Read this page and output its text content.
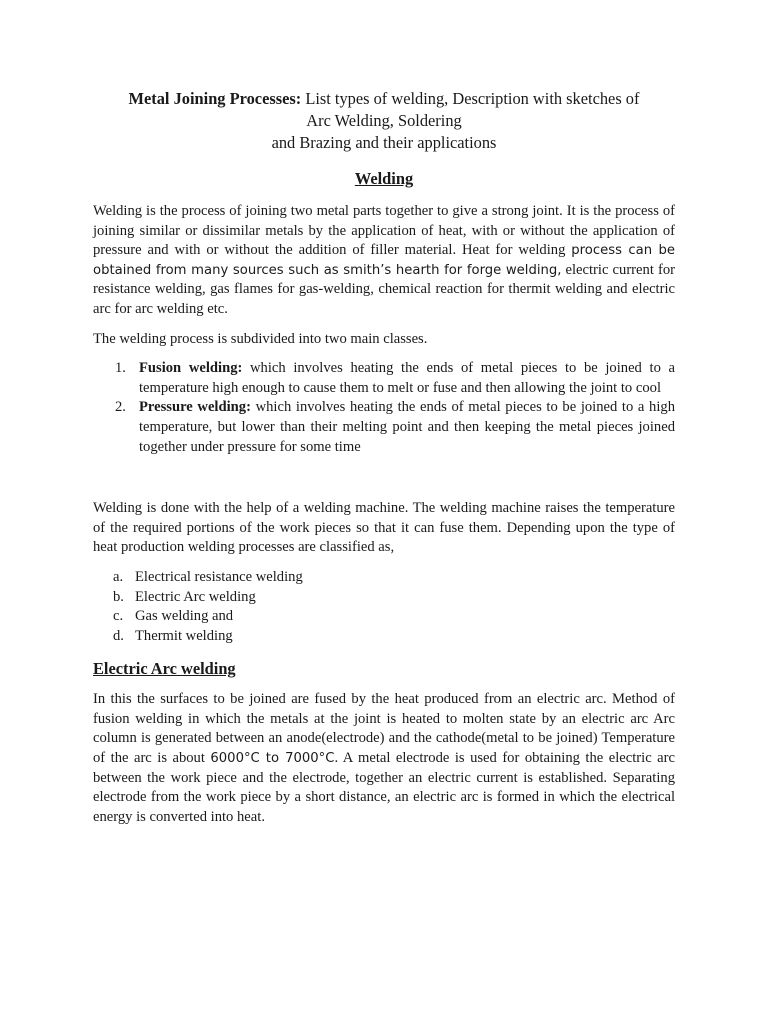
Metal Joining Processes: List types of welding, Description with sketches of
Arc Welding, Soldering
and Brazing and their applications

Welding

Welding is the process of joining two metal parts together to give a strong joint. It is the process of joining similar or dissimilar metals by the application of heat, with or without the application of pressure and with or without the addition of filler material. Heat for welding process can be obtained from many sources such as smith’s hearth for forge welding, electric current for resistance welding, gas flames for gas-welding, chemical reaction for thermit welding and electric arc for arc welding etc.

The welding process is subdivided into two main classes.

1. Fusion welding: which involves heating the ends of metal pieces to be joined to a temperature high enough to cause them to melt or fuse and then allowing the joint to cool
2. Pressure welding: which involves heating the ends of metal pieces to be joined to a high temperature, but lower than their melting point and then keeping the metal pieces joined together under pressure for some time

Welding is done with the help of a welding machine. The welding machine raises the temperature of the required portions of the work pieces so that it can fuse them. Depending upon the type of heat production welding processes are classified as,

a. Electrical resistance welding
b. Electric Arc welding
c. Gas welding and
d. Thermit welding

Electric Arc welding

In this the surfaces to be joined are fused by the heat produced from an electric arc. Method of fusion welding in which the metals at the joint is heated to molten state by an electric arc Arc column is generated between an anode(electrode) and the cathode(metal to be joined) Temperature of the arc is about 6000°C to 7000°C. A metal electrode is used for obtaining the electric arc between the work piece and the electrode, together an electric current is established. Separating electrode from the work piece by a short distance, an electric arc is formed in which the electrical energy is converted into heat.
